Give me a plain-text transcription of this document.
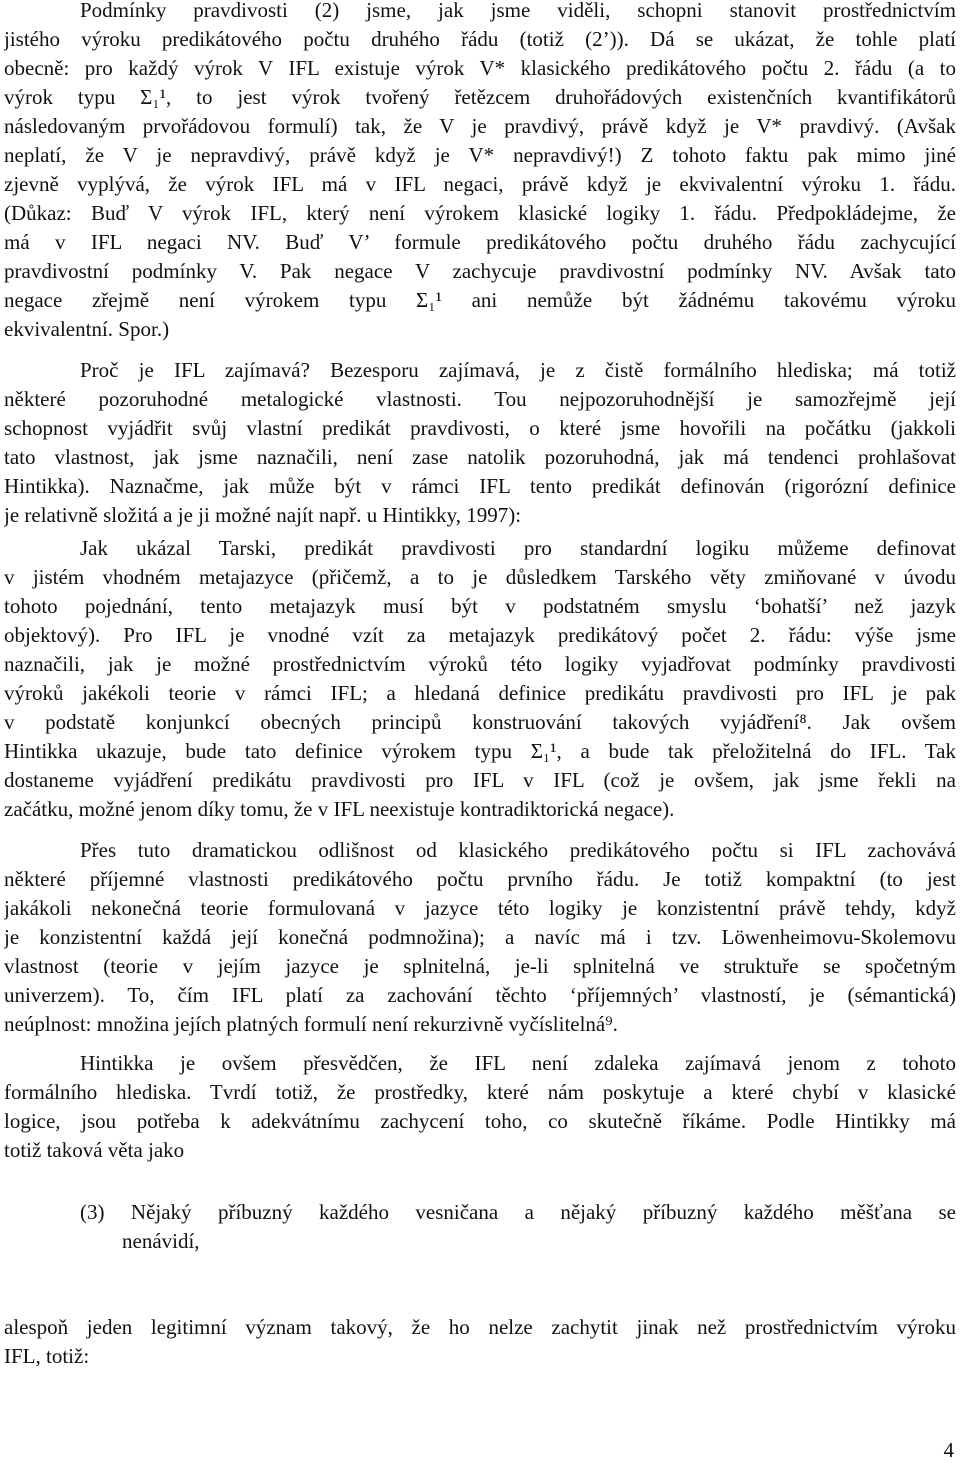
Podmínky pravdivosti (2) jsme, jak jsme viděli, schopni stanovit prostřednictvím
jistého výroku predikátového počtu druhého řádu (totiž (2’)). Dá se ukázat, že tohle platí
obecně: pro každý výrok V IFL existuje výrok V* klasického predikátového počtu 2. řádu (a to
výrok typu Σ₁¹, to jest výrok tvořený řetězcem druhořádových existenčních kvantifikátorů
následovaným prvořádovou formulí) tak, že V je pravdivý, právě když je V* pravdivý. (Avšak
neplatí, že V je nepravdivý, právě když je V* nepravdivý!) Z tohoto faktu pak mimo jiné
zjevně vyplývá, že výrok IFL má v IFL negaci, právě když je ekvivalentní výroku 1. řádu.
(Důkaz: Buď V výrok IFL, který není výrokem klasické logiky 1. řádu. Předpokládejme, že
má v IFL negaci NV. Buď V’ formule predikátového počtu druhého řádu zachycující
pravdivostní podmínky V. Pak negace V zachycuje pravdivostní podmínky NV. Avšak tato
negace zřejmě není výrokem typu Σ₁¹ ani nemůže být žádnému takovému výroku
ekvivalentní. Spor.)
Proč je IFL zajímavá? Bezesporu zajímavá, je z čistě formálního hlediska; má totiž
některé pozoruhodné metalogické vlastnosti. Tou nejpozoruhodnější je samozřejmě její
schopnost vyjádřit svůj vlastní predikát pravdivosti, o které jsme hovořili na počátku (jakkoli
tato vlastnost, jak jsme naznačili, není zase natolik pozoruhodná, jak má tendenci prohlašovat
Hintikka). Naznačme, jak může být v rámci IFL tento predikát definován (rigorózní definice
je relativně složitá a je ji možné najít např. u Hintikky, 1997):
Jak ukázal Tarski, predikát pravdivosti pro standardní logiku můžeme definovat
v jistém vhodném metajazyce (přičemž, a to je důsledkem Tarského věty zmiňované v úvodu
tohoto pojednání, tento metajazyk musí být v podstatném smyslu ‘bohatší’ než jazyk
objektový). Pro IFL je vnodné vzít za metajazyk predikátový počet 2. řádu: výše jsme
naznačili, jak je možné prostřednictvím výroků této logiky vyjadřovat podmínky pravdivosti
výroků jakékoli teorie v rámci IFL; a hledaná definice predikátu pravdivosti pro IFL je pak
v podstatě konjunkcí obecných principů konstruování takových vyjádření⁸. Jak ovšem
Hintikka ukazuje, bude tato definice výrokem typu Σ₁¹, a bude tak přeložitelná do IFL. Tak
dostaneme vyjádření predikátu pravdivosti pro IFL v IFL (což je ovšem, jak jsme řekli na
začátku, možné jenom díky tomu, že v IFL neexistuje kontradiktorická negace).
Přes tuto dramatickou odlišnost od klasického predikátového počtu si IFL zachovává
některé příjemné vlastnosti predikátového počtu prvního řádu. Je totiž kompaktní (to jest
jakákoli nekonečná teorie formulovaná v jazyce této logiky je konzistentní právě tehdy, když
je konzistentní každá její konečná podmnožina); a navíc má i tzv. Löwenheimovu-Skolemovu
vlastnost (teorie v jejím jazyce je splnitelná, je-li splnitelná ve struktuře se spočetným
univerzem). To, čím IFL platí za zachování těchto ‘příjemných’ vlastností, je (sémantická)
neúplnost: množina jejích platných formulí není rekurzivně vyčíslitelná⁹.
Hintikka je ovšem přesvědčen, že IFL není zdaleka zajímavá jenom z tohoto
formálního hlediska. Tvrdí totiž, že prostředky, které nám poskytuje a které chybí v klasické
logice, jsou potřeba k adekvátnímu zachycení toho, co skutečně říkáme. Podle Hintikky má
totiž taková věta jako
(3) Nějaký příbuzný každého vesničana a nějaký příbuzný každého měšťana se
nenávidí,
alespoň jeden legitimní význam takový, že ho nelze zachytit jinak než prostřednictvím výroku
IFL, totiž:
4
